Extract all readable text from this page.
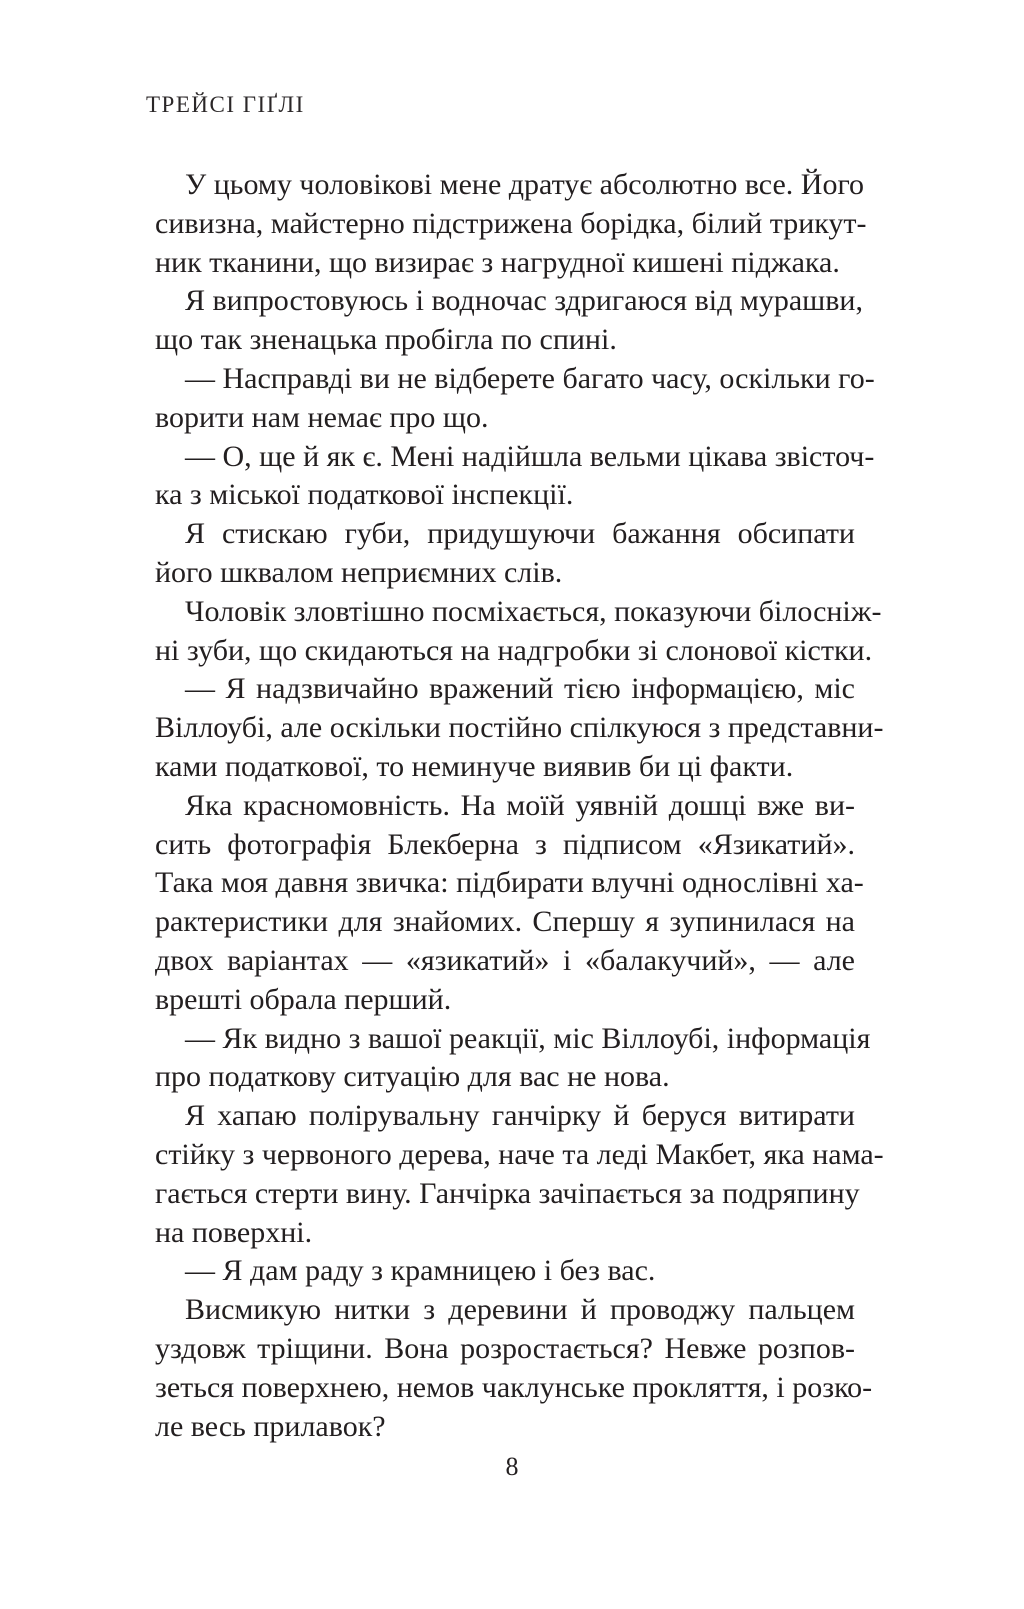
ТРЕЙСІ ГІҐЛІ
У цьому чоловікові мене дратує абсолютно все. Його
сивизна, майстерно підстрижена борідка, білий трикут-
ник тканини, що визирає з нагрудної кишені піджака.
Я випростовуюсь і водночас здригаюся від мурашви,
що так зненацька пробігла по спині.
— Насправді ви не відберете багато часу, оскільки го-
ворити нам немає про що.
— О, ще й як є. Мені надійшла вельми цікава звісточ-
ка з міської податкової інспекції.
Я стискаю губи, придушуючи бажання обсипати
його шквалом неприємних слів.
Чоловік зловтішно посміхається, показуючи білосніж-
ні зуби, що скидаються на надгробки зі слонової кістки.
— Я надзвичайно вражений тією інформацією, міс
Віллоубі, але оскільки постійно спілкуюся з представни-
ками податкової, то неминуче виявив би ці факти.
Яка красномовність. На моїй уявній дошці вже ви-
сить фотографія Блекберна з підписом «Язикатий».
Така моя давня звичка: підбирати влучні однослівні ха-
рактеристики для знайомих. Спершу я зупинилася на
двох варіантах — «язикатий» і «балакучий», — але
врешті обрала перший.
— Як видно з вашої реакції, міс Віллоубі, інформація
про податкову ситуацію для вас не нова.
Я хапаю полірувальну ганчірку й беруся витирати
стійку з червоного дерева, наче та леді Макбет, яка нама-
гається стерти вину. Ганчірка зачіпається за подряпину
на поверхні.
— Я дам раду з крамницею і без вас.
Висмикую нитки з деревини й проводжу пальцем
уздовж тріщини. Вона розростається? Невже розпов-
зеться поверхнею, немов чаклунське прокляття, і розко-
ле весь прилавок?
8
